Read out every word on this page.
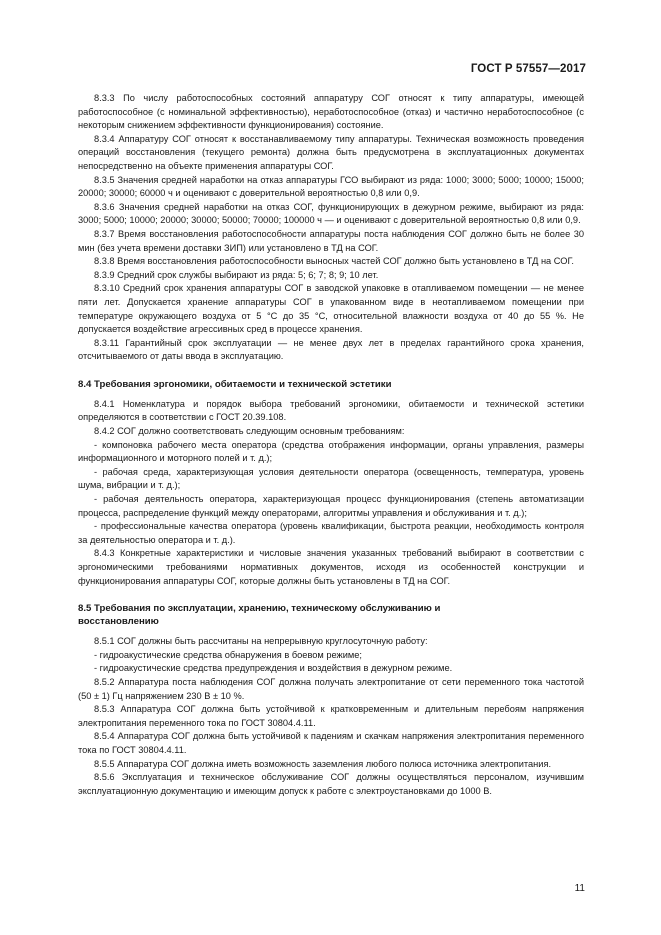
ГОСТ Р 57557—2017

8.3.3 По числу работоспособных состояний аппаратуру СОГ относят к типу аппаратуры, имеющей работоспособное (с номинальной эффективностью), неработоспособное (отказ) и частично неработоспособное (с некоторым снижением эффективности функционирования) состояние.

8.3.4 Аппаратуру СОГ относят к восстанавливаемому типу аппаратуры. Техническая возможность проведения операций восстановления (текущего ремонта) должна быть предусмотрена в эксплуатационных документах непосредственно на объекте применения аппаратуры СОГ.

8.3.5 Значения средней наработки на отказ аппаратуры ГСО выбирают из ряда: 1000; 3000; 5000; 10000; 15000; 20000; 30000; 60000 ч и оценивают с доверительной вероятностью 0,8 или 0,9.

8.3.6 Значения средней наработки на отказ СОГ, функционирующих в дежурном режиме, выбирают из ряда: 3000; 5000; 10000; 20000; 30000; 50000; 70000; 100000 ч — и оценивают с доверительной вероятностью 0,8 или 0,9.

8.3.7 Время восстановления работоспособности аппаратуры поста наблюдения СОГ должно быть не более 30 мин (без учета времени доставки ЗИП) или установлено в ТД на СОГ.

8.3.8 Время восстановления работоспособности выносных частей СОГ должно быть установлено в ТД на СОГ.

8.3.9 Средний срок службы выбирают из ряда: 5; 6; 7; 8; 9; 10 лет.

8.3.10 Средний срок хранения аппаратуры СОГ в заводской упаковке в отапливаемом помещении — не менее пяти лет. Допускается хранение аппаратуры СОГ в упакованном виде в неотапливаемом помещении при температуре окружающего воздуха от 5 °С до 35 °С, относительной влажности воздуха от 40 до 55 %. Не допускается воздействие агрессивных сред в процессе хранения.

8.3.11 Гарантийный срок эксплуатации — не менее двух лет в пределах гарантийного срока хранения, отсчитываемого от даты ввода в эксплуатацию.

8.4 Требования эргономики, обитаемости и технической эстетики

8.4.1 Номенклатура и порядок выбора требований эргономики, обитаемости и технической эстетики определяются в соответствии с ГОСТ 20.39.108.

8.4.2 СОГ должно соответствовать следующим основным требованиям:

- компоновка рабочего места оператора (средства отображения информации, органы управления, размеры информационного и моторного полей и т. д.);

- рабочая среда, характеризующая условия деятельности оператора (освещенность, температура, уровень шума, вибрации и т. д.);

- рабочая деятельность оператора, характеризующая процесс функционирования (степень автоматизации процесса, распределение функций между операторами, алгоритмы управления и обслуживания и т. д.);

- профессиональные качества оператора (уровень квалификации, быстрота реакции, необходимость контроля за деятельностью оператора и т. д.).

8.4.3 Конкретные характеристики и числовые значения указанных требований выбирают в соответствии с эргономическими требованиями нормативных документов, исходя из особенностей конструкции и функционирования аппаратуры СОГ, которые должны быть установлены в ТД на СОГ.

8.5 Требования по эксплуатации, хранению, техническому обслуживанию и
восстановлению

8.5.1 СОГ должны быть рассчитаны на непрерывную круглосуточную работу:

- гидроакустические средства обнаружения в боевом режиме;

- гидроакустические средства предупреждения и воздействия в дежурном режиме.

8.5.2 Аппаратура поста наблюдения СОГ должна получать электропитание от сети переменного тока частотой (50 ± 1) Гц напряжением 230 В ± 10 %.

8.5.3 Аппаратура СОГ должна быть устойчивой к кратковременным и длительным перебоям напряжения электропитания переменного тока по ГОСТ 30804.4.11.

8.5.4 Аппаратура СОГ должна быть устойчивой к падениям и скачкам напряжения электропитания переменного тока по ГОСТ 30804.4.11.

8.5.5 Аппаратура СОГ должна иметь возможность заземления любого полюса источника электропитания.

8.5.6 Эксплуатация и техническое обслуживание СОГ должны осуществляться персоналом, изучившим эксплуатационную документацию и имеющим допуск к работе с электроустановками до 1000 В.

11
